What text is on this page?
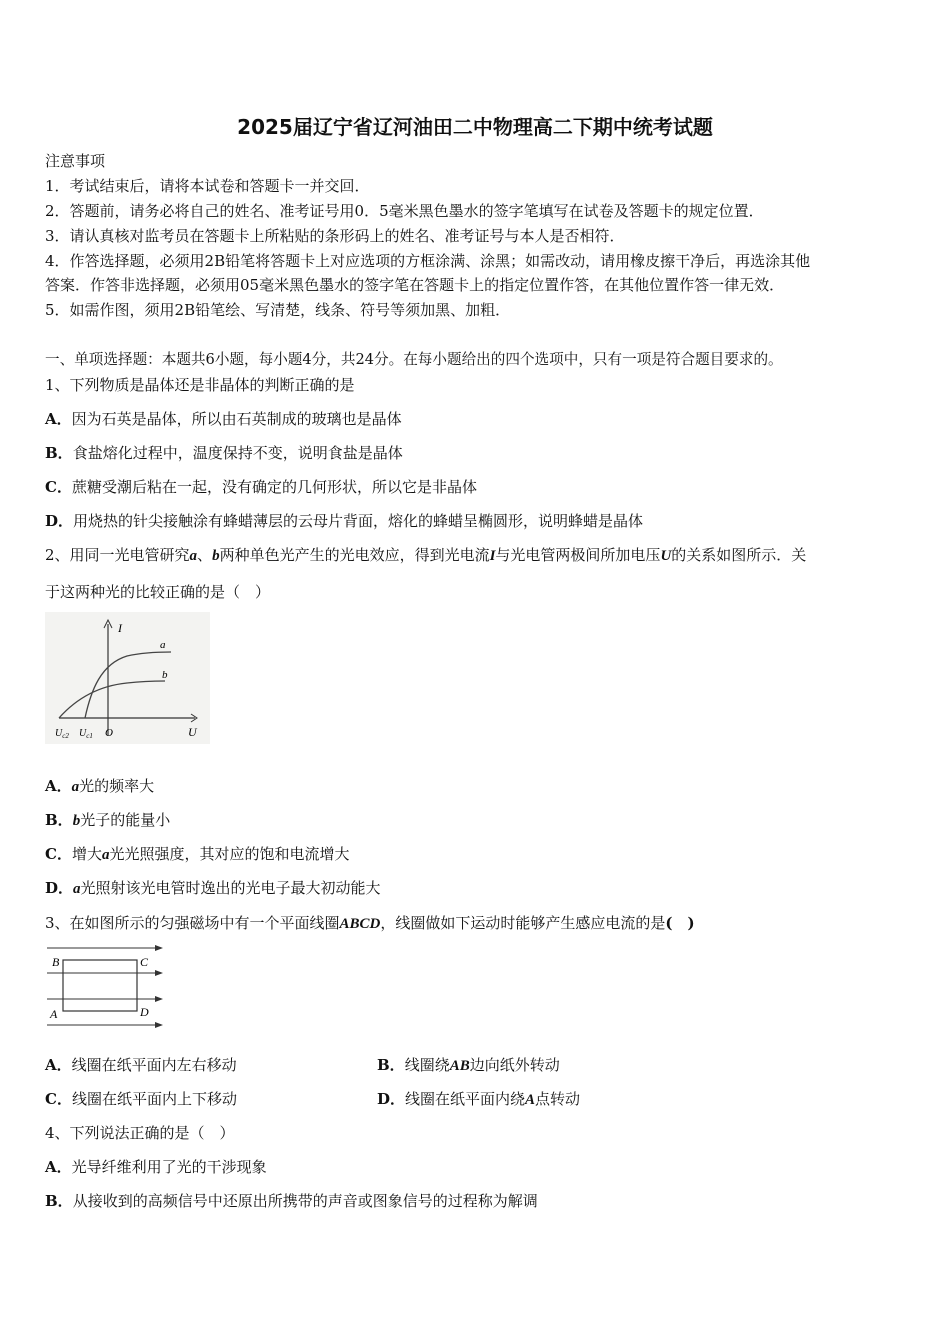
2025届辽宁省辽河油田二中物理高二下期中统考试题
注意事项
1．考试结束后，请将本试卷和答题卡一并交回．
2．答题前，请务必将自己的姓名、准考证号用0．5毫米黑色墨水的签字笔填写在试卷及答题卡的规定位置．
3．请认真核对监考员在答题卡上所粘贴的条形码上的姓名、准考证号与本人是否相符．
4．作答选择题，必须用2B铅笔将答题卡上对应选项的方框涂满、涂黑；如需改动，请用橡皮擦干净后，再选涂其他
答案．作答非选择题，必须用05毫米黑色墨水的签字笔在答题卡上的指定位置作答，在其他位置作答一律无效．
5．如需作图，须用2B铅笔绘、写清楚，线条、符号等须加黑、加粗．
一、单项选择题：本题共6小题，每小题4分，共24分。在每小题给出的四个选项中，只有一项是符合题目要求的。
1、下列物质是晶体还是非晶体的判断正确的是
A．因为石英是晶体，所以由石英制成的玻璃也是晶体
B．食盐熔化过程中，温度保持不变，说明食盐是晶体
C．蔗糖受潮后粘在一起，没有确定的几何形状，所以它是非晶体
D．用烧热的针尖接触涂有蜂蜡薄层的云母片背面，熔化的蜂蜡呈椭圆形，说明蜂蜡是晶体
2、用同一光电管研究a、b两种单色光产生的光电效应，得到光电流I与光电管两极间所加电压U的关系如图所示．关
于这两种光的比较正确的是（　）
I
U
O
a
b
$U_{c2}$ $U_{c1}$
A．a光的频率大
B．b光子的能量小
C．增大a光光照强度，其对应的饱和电流增大
D．a光照射该光电管时逸出的光电子最大初动能大
3、在如图所示的匀强磁场中有一个平面线圈ABCD，线圈做如下运动时能够产生感应电流的是(　)
B	C
A	D
A．线圈在纸平面内左右移动	B．线圈绕AB边向纸外转动
C．线圈在纸平面内上下移动	D．线圈在纸平面内绕A点转动
4、下列说法正确的是（　）
A．光导纤维利用了光的干涉现象
B．从接收到的高频信号中还原出所携带的声音或图象信号的过程称为解调
